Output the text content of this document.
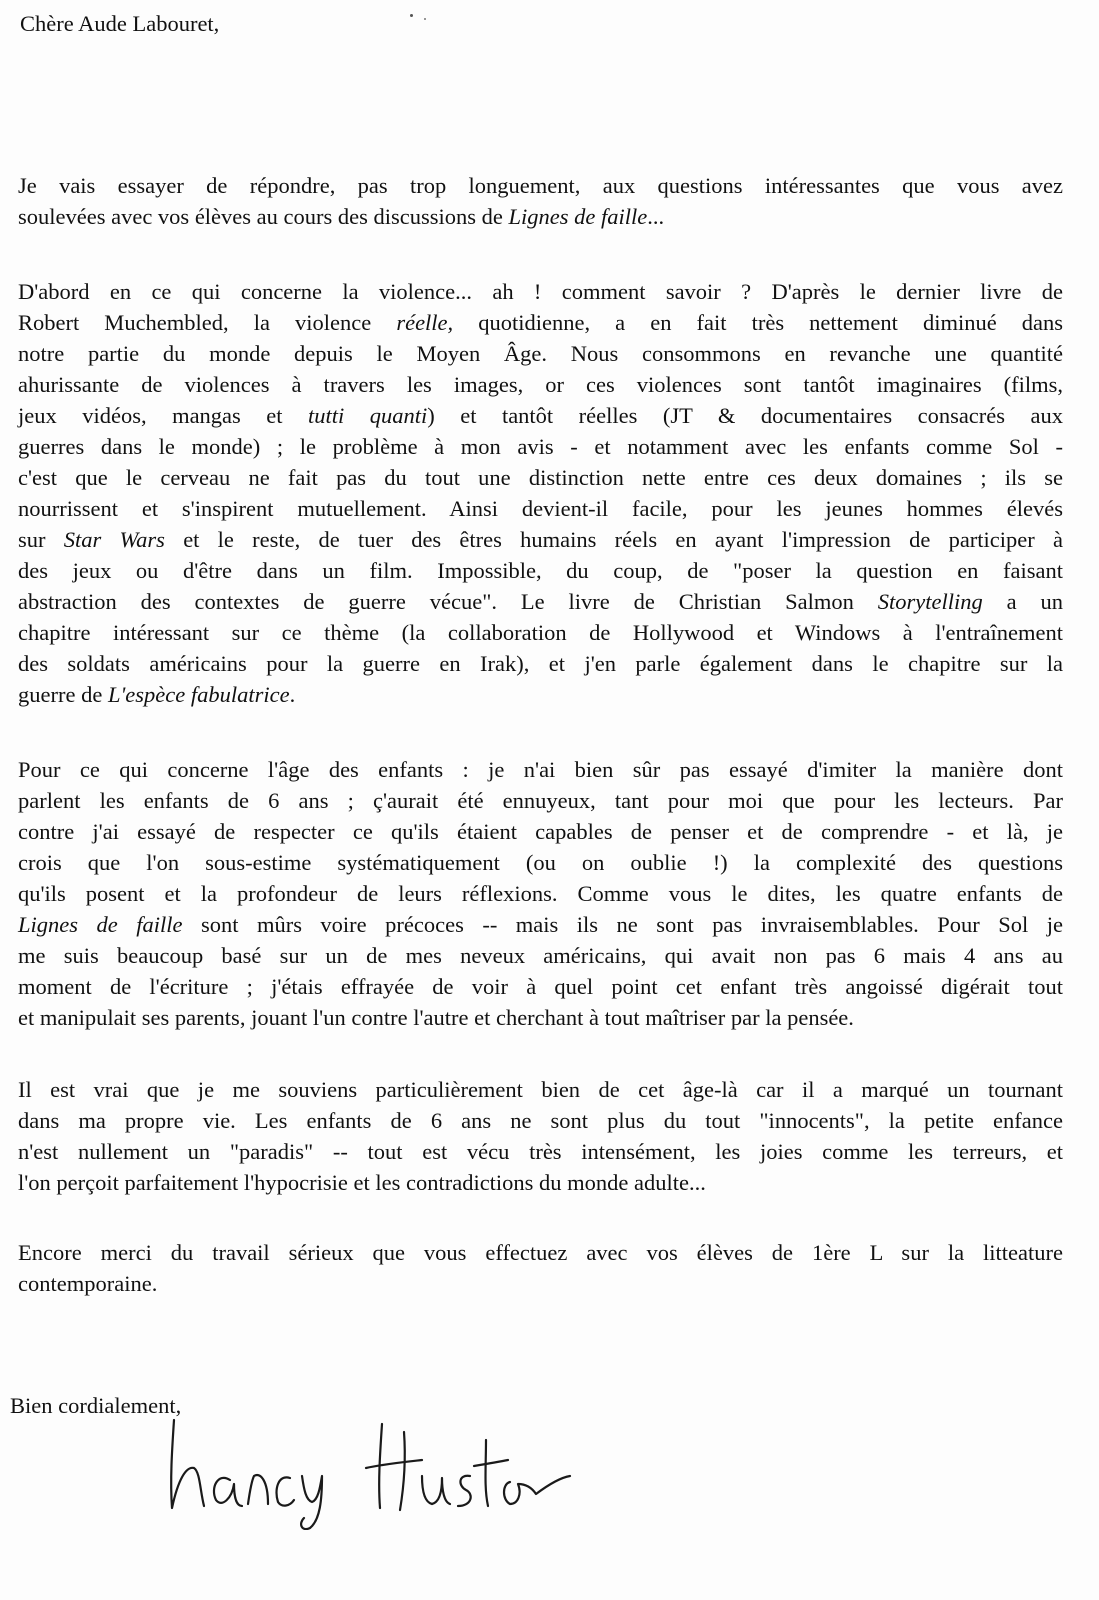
Chère Aude Labouret,

Je vais essayer de répondre, pas trop longuement, aux questions intéressantes que vous avez
soulevées avec vos élèves au cours des discussions de Lignes de faille...

D'abord en ce qui concerne la violence... ah ! comment savoir ? D'après le dernier livre de
Robert Muchembled, la violence réelle, quotidienne, a en fait très nettement diminué dans
notre partie du monde depuis le Moyen Âge. Nous consommons en revanche une quantité
ahurissante de violences à travers les images, or ces violences sont tantôt imaginaires (films,
jeux vidéos, mangas et tutti quanti) et tantôt réelles (JT & documentaires consacrés aux
guerres dans le monde) ; le problème à mon avis - et notamment avec les enfants comme Sol -
c'est que le cerveau ne fait pas du tout une distinction nette entre ces deux domaines ; ils se
nourrissent et s'inspirent mutuellement. Ainsi devient-il facile, pour les jeunes hommes élevés
sur Star Wars et le reste, de tuer des êtres humains réels en ayant l'impression de participer à
des jeux ou d'être dans un film. Impossible, du coup, de "poser la question en faisant
abstraction des contextes de guerre vécue". Le livre de Christian Salmon Storytelling a un
chapitre intéressant sur ce thème (la collaboration de Hollywood et Windows à l'entraînement
des soldats américains pour la guerre en Irak), et j'en parle également dans le chapitre sur la
guerre de L'espèce fabulatrice.

Pour ce qui concerne l'âge des enfants : je n'ai bien sûr pas essayé d'imiter la manière dont
parlent les enfants de 6 ans ; ç'aurait été ennuyeux, tant pour moi que pour les lecteurs. Par
contre j'ai essayé de respecter ce qu'ils étaient capables de penser et de comprendre - et là, je
crois que l'on sous-estime systématiquement (ou on oublie !) la complexité des questions
qu'ils posent et la profondeur de leurs réflexions. Comme vous le dites, les quatre enfants de
Lignes de faille sont mûrs voire précoces -- mais ils ne sont pas invraisemblables. Pour Sol je
me suis beaucoup basé sur un de mes neveux américains, qui avait non pas 6 mais 4 ans au
moment de l'écriture ; j'étais effrayée de voir à quel point cet enfant très angoissé digérait tout
et manipulait ses parents, jouant l'un contre l'autre et cherchant à tout maîtriser par la pensée.

Il est vrai que je me souviens particulièrement bien de cet âge-là car il a marqué un tournant
dans ma propre vie. Les enfants de 6 ans ne sont plus du tout "innocents", la petite enfance
n'est nullement un "paradis" -- tout est vécu très intensément, les joies comme les terreurs, et
l'on perçoit parfaitement l'hypocrisie et les contradictions du monde adulte...

Encore merci du travail sérieux que vous effectuez avec vos élèves de 1ère L sur la litteature
contemporaine.

Bien cordialement,
